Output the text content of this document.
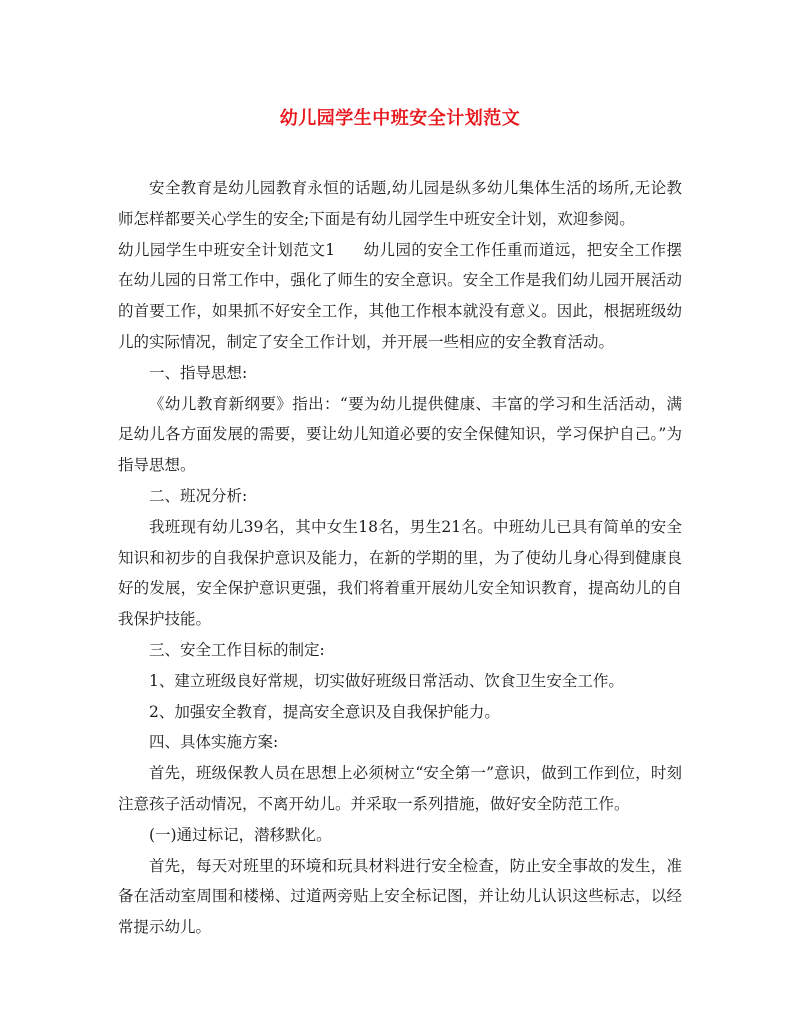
幼儿园学生中班安全计划范文

安全教育是幼儿园教育永恒的话题,幼儿园是纵多幼儿集体生活的场所,无论教师怎样都要关心学生的安全;下面是有幼儿园学生中班安全计划，欢迎参阅。

幼儿园学生中班安全计划范文1 幼儿园的安全工作任重而道远，把安全工作摆在幼儿园的日常工作中，强化了师生的安全意识。安全工作是我们幼儿园开展活动的首要工作，如果抓不好安全工作，其他工作根本就没有意义。因此，根据班级幼儿的实际情况，制定了安全工作计划，并开展一些相应的安全教育活动。

一、指导思想:

《幼儿教育新纲要》指出：“要为幼儿提供健康、丰富的学习和生活活动，满足幼儿各方面发展的需要，要让幼儿知道必要的安全保健知识，学习保护自己。”为指导思想。

二、班况分析:

我班现有幼儿39名，其中女生18名，男生21名。中班幼儿已具有简单的安全知识和初步的自我保护意识及能力，在新的学期的里，为了使幼儿身心得到健康良好的发展，安全保护意识更强，我们将着重开展幼儿安全知识教育，提高幼儿的自我保护技能。

三、安全工作目标的制定:

1、建立班级良好常规，切实做好班级日常活动、饮食卫生安全工作。

2、加强安全教育，提高安全意识及自我保护能力。

四、具体实施方案:

首先，班级保教人员在思想上必须树立“安全第一”意识，做到工作到位，时刻注意孩子活动情况，不离开幼儿。并采取一系列措施，做好安全防范工作。

(一)通过标记，潜移默化。

首先，每天对班里的环境和玩具材料进行安全检查，防止安全事故的发生，准备在活动室周围和楼梯、过道两旁贴上安全标记图，并让幼儿认识这些标志，以经常提示幼儿。
